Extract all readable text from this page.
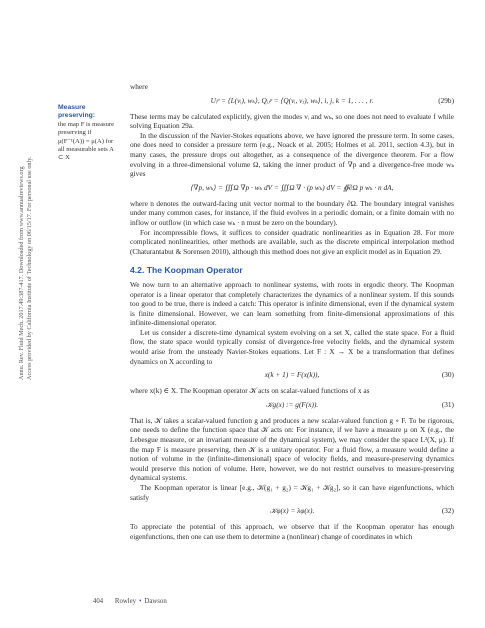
Annu. Rev. Fluid Mech. 2017.49:387-417. Downloaded from www.annualreviews.org Access provided by California Institute of Technology on 06/15/17. For personal use only.
Measure preserving:
the map F is measure preserving if μ(F⁻¹(A)) = μ(A) for all measurable sets A ⊂ X

where

Uᵢᵖ = ⟨L(vᵢ), wₖ⟩, Qᵢⱼᵖ = ⟨Q(vᵢ, vⱼ), wₖ⟩, i, j, k = 1, . . . , r.	(29b)

These terms may be calculated explicitly, given the modes vᵢ and wₖ, so one does not need to evaluate f while solving Equation 29a.

In the discussion of the Navier-Stokes equations above, we have ignored the pressure term. In some cases, one does need to consider a pressure term (e.g., Noack et al. 2005; Holmes et al. 2011, section 4.3), but in many cases, the pressure drops out altogether, as a consequence of the divergence theorem. For a flow evolving in a three-dimensional volume Ω, taking the inner product of ∇p and a divergence-free mode wₖ gives

⟨∇p, wₖ⟩ = ∭Ω ∇p · wₖ dV = ∭Ω ∇ · (p wₖ) dV = ∯∂Ω p wₖ · n dA,

where n denotes the outward-facing unit vector normal to the boundary ∂Ω. The boundary integral vanishes under many common cases, for instance, if the fluid evolves in a periodic domain, or a finite domain with no inflow or outflow (in which case wₖ · n must be zero on the boundary).

For incompressible flows, it suffices to consider quadratic nonlinearities as in Equation 28. For more complicated nonlinearities, other methods are available, such as the discrete empirical interpolation method (Chaturantabut & Sorensen 2010), although this method does not give an explicit model as in Equation 29.

4.2. The Koopman Operator

We now turn to an alternative approach to nonlinear systems, with roots in ergodic theory. The Koopman operator is a linear operator that completely characterizes the dynamics of a nonlinear system. If this sounds too good to be true, there is indeed a catch: This operator is infinite dimensional, even if the dynamical system is finite dimensional. However, we can learn something from finite-dimensional approximations of this infinite-dimensional operator.

Let us consider a discrete-time dynamical system evolving on a set X, called the state space. For a fluid flow, the state space would typically consist of divergence-free velocity fields, and the dynamical system would arise from the unsteady Navier-Stokes equations. Let F : X → X be a transformation that defines dynamics on X according to

x(k + 1) = F(x(k)),	(30)

where x(k) ∈ X. The Koopman operator 𝒦 acts on scalar-valued functions of x as

𝒦g(x) := g(F(x)).	(31)

That is, 𝒦 takes a scalar-valued function g and produces a new scalar-valued function g ∘ F. To be rigorous, one needs to define the function space that 𝒦 acts on: For instance, if we have a measure μ on X (e.g., the Lebesgue measure, or an invariant measure of the dynamical system), we may consider the space L²(X, μ). If the map F is measure preserving, then 𝒦 is a unitary operator. For a fluid flow, a measure would define a notion of volume in the (infinite-dimensional) space of velocity fields, and measure-preserving dynamics would preserve this notion of volume. Here, however, we do not restrict ourselves to measure-preserving dynamical systems.

The Koopman operator is linear [e.g., 𝒦(g₁ + g₂) = 𝒦g₁ + 𝒦g₂], so it can have eigenfunctions, which satisfy

𝒦φ(x) = λφ(x).	(32)

To appreciate the potential of this approach, we observe that if the Koopman operator has enough eigenfunctions, then one can use them to determine a (nonlinear) change of coordinates in which

404 Rowley • Dawson
